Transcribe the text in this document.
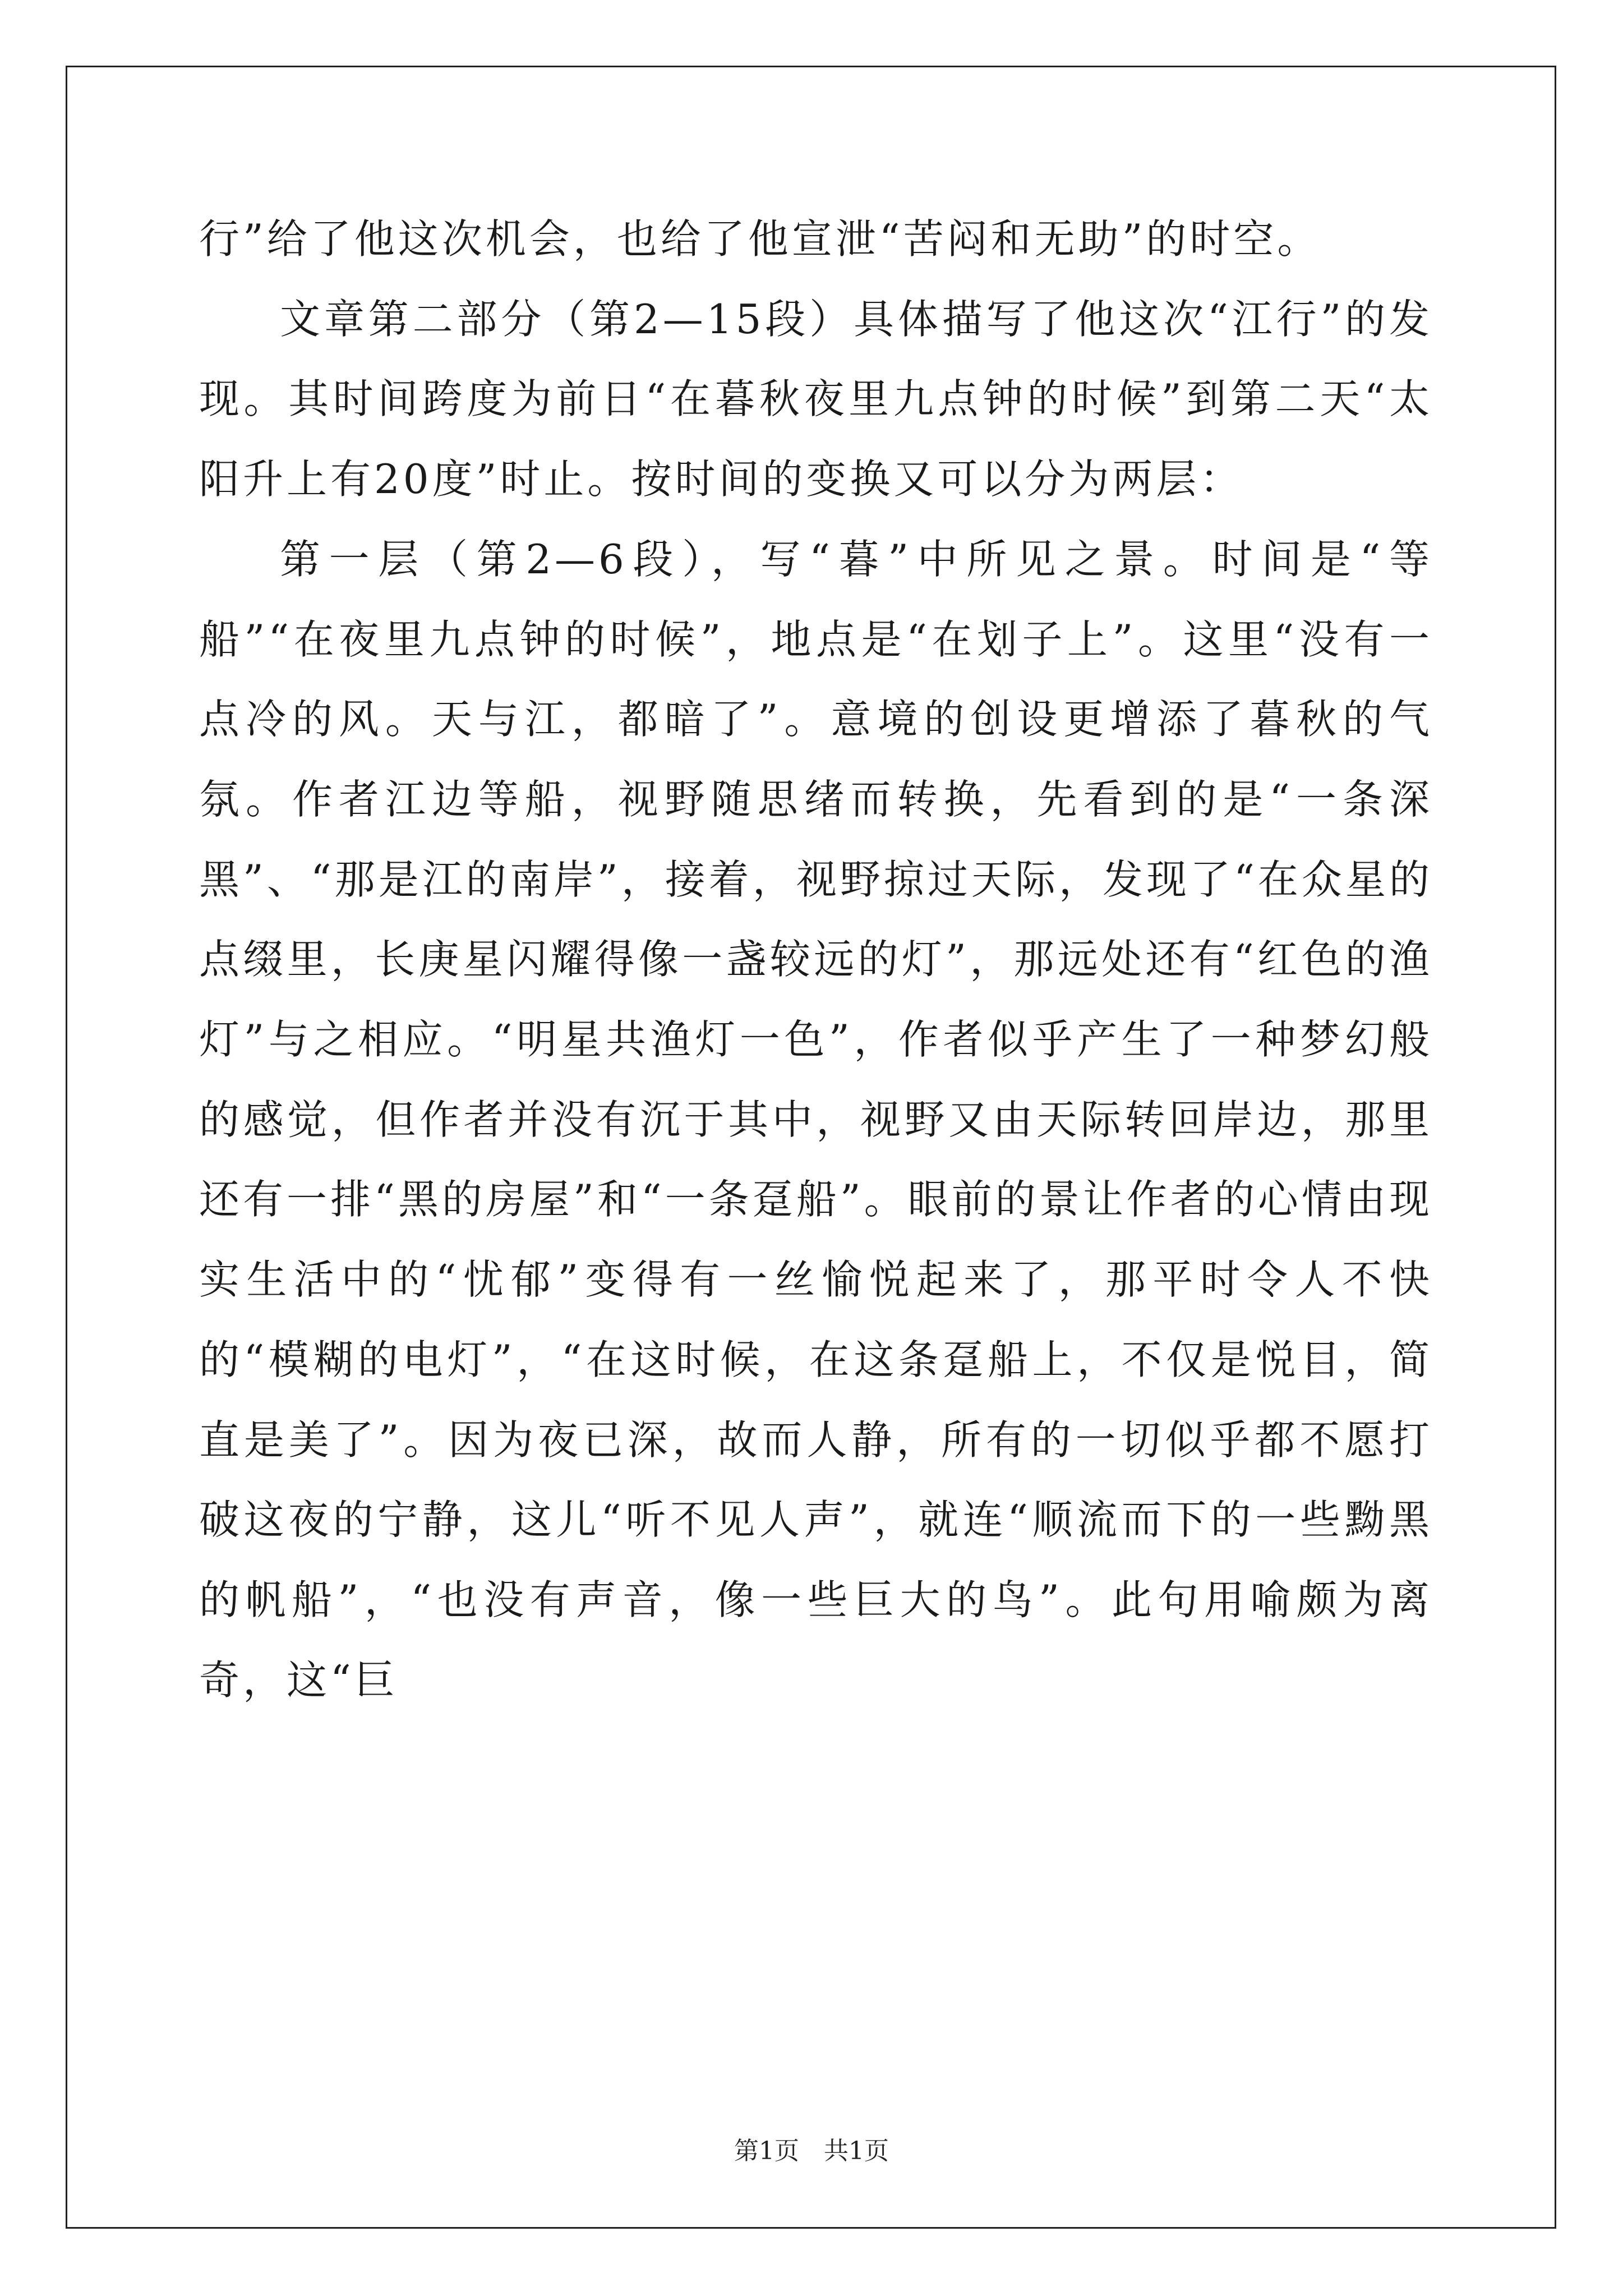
行”给了他这次机会，也给了他宣泄“苦闷和无助”的时空。

文章第二部分（第2—15段）具体描写了他这次“江行”的发现。其时间跨度为前日“在暮秋夜里九点钟的时候”到第二天“太阳升上有20度”时止。按时间的变换又可以分为两层：

第一层（第2—6段），写“暮”中所见之景。时间是“等船”“在夜里九点钟的时候”，地点是“在划子上”。这里“没有一点冷的风。天与江，都暗了”。意境的创设更增添了暮秋的气氛。作者江边等船，视野随思绪而转换，先看到的是“一条深黑”、“那是江的南岸”，接着，视野掠过天际，发现了“在众星的点缀里，长庚星闪耀得像一盏较远的灯”，那远处还有“红色的渔灯”与之相应。“明星共渔灯一色”，作者似乎产生了一种梦幻般的感觉，但作者并没有沉于其中，视野又由天际转回岸边，那里还有一排“黑的房屋”和“一条趸船”。眼前的景让作者的心情由现实生活中的“忧郁”变得有一丝愉悦起来了，那平时令人不快的“模糊的电灯”，“在这时候，在这条趸船上，不仅是悦目，简直是美了”。因为夜已深，故而人静，所有的一切似乎都不愿打破这夜的宁静，这儿“听不见人声”，就连“顺流而下的一些黝黑的帆船”，“也没有声音，像一些巨大的鸟”。此句用喻颇为离奇，这“巨

第1页　共1页
